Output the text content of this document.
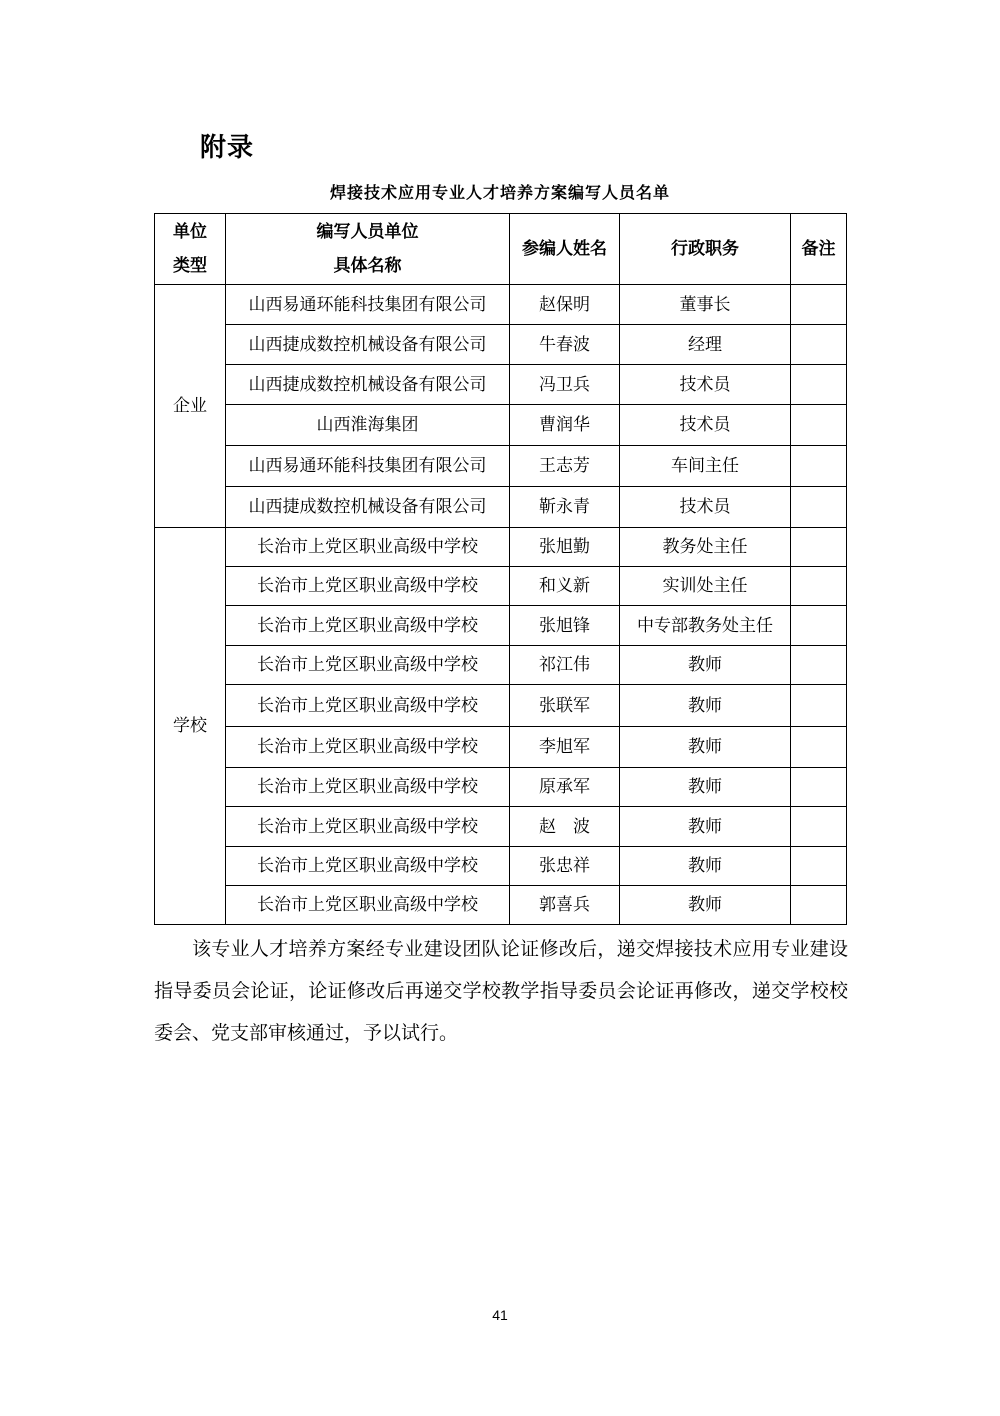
附录
焊接技术应用专业人才培养方案编写人员名单
单位类型	编写人员单位具体名称	参编人姓名	行政职务	备注
企业	山西易通环能科技集团有限公司	赵保明	董事长	
	山西捷成数控机械设备有限公司	牛春波	经理	
	山西捷成数控机械设备有限公司	冯卫兵	技术员	
	山西淮海集团	曹润华	技术员	
	山西易通环能科技集团有限公司	王志芳	车间主任	
	山西捷成数控机械设备有限公司	靳永青	技术员	
学校	长治市上党区职业高级中学校	张旭勤	教务处主任	
	长治市上党区职业高级中学校	和义新	实训处主任	
	长治市上党区职业高级中学校	张旭锋	中专部教务处主任	
	长治市上党区职业高级中学校	祁江伟	教师	
	长治市上党区职业高级中学校	张联军	教师	
	长治市上党区职业高级中学校	李旭军	教师	
	长治市上党区职业高级中学校	原承军	教师	
	长治市上党区职业高级中学校	赵　波	教师	
	长治市上党区职业高级中学校	张忠祥	教师	
	长治市上党区职业高级中学校	郭喜兵	教师	
该专业人才培养方案经专业建设团队论证修改后，递交焊接技术应用专业建设指导委员会论证，论证修改后再递交学校教学指导委员会论证再修改，递交学校校委会、党支部审核通过，予以试行。
41
